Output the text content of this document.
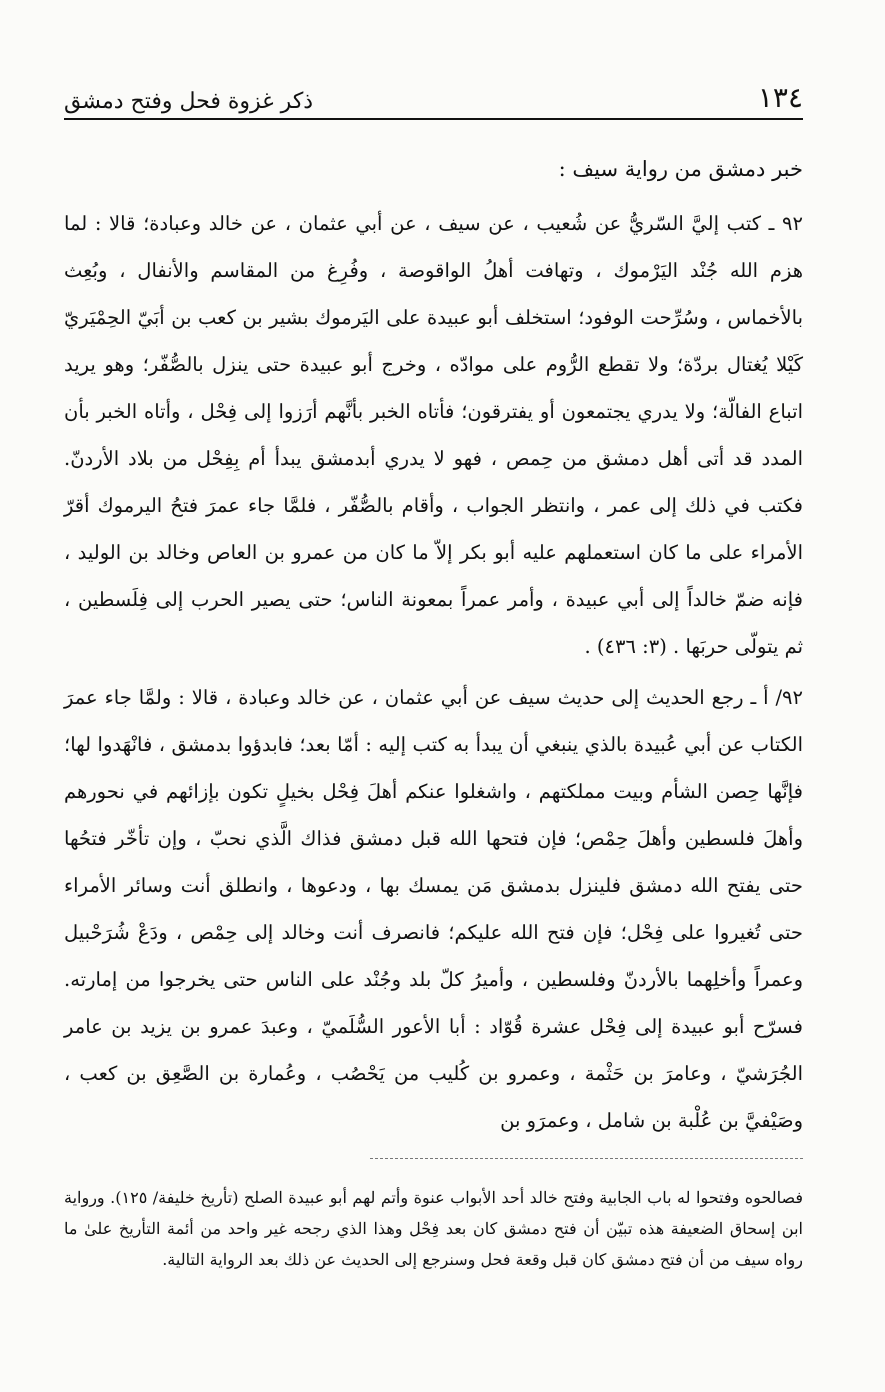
١٣٤
ذكر غزوة فحل وفتح دمشق

خبر دمشق من رواية سيف :

٩٢ ـ كتب إليَّ السّريُّ عن شُعيب ، عن سيف ، عن أبي عثمان ، عن خالد وعبادة؛ قالا : لما هزم الله جُنْد اليَرْموك ، وتهافت أهلُ الواقوصة ، وفُرِغ من المقاسم والأنفال ، وبُعِث بالأخماس ، وسُرِّحت الوفود؛ استخلف أبو عبيدة على اليَرموك بشير بن كعب بن أبَيّ الحِمْيَريّ كَيْلا يُغتال بردّة؛ ولا تقطع الرُّوم على موادّه ، وخرج أبو عبيدة حتى ينزل بالصُّفّر؛ وهو يريد اتباع الفالّة؛ ولا يدري يجتمعون أو يفترقون؛ فأتاه الخبر بأنَّهم أرَزوا إلى فِحْل ، وأتاه الخبر بأن المدد قد أتى أهل دمشق من حِمص ، فهو لا يدري أبدمشق يبدأ أم بِفِحْل من بلاد الأردنّ. فكتب في ذلك إلى عمر ، وانتظر الجواب ، وأقام بالصُّفّر ، فلمَّا جاء عمرَ فتحُ اليرموك أقرّ الأمراء على ما كان استعملهم عليه أبو بكر إلاّ ما كان من عمرو بن العاص وخالد بن الوليد ، فإنه ضمّ خالداً إلى أبي عبيدة ، وأمر عمراً بمعونة الناس؛ حتى يصير الحرب إلى فِلَسطين ، ثم يتولّى حربَها . (٣: ٤٣٦) .

٩٢/ أ ـ رجع الحديث إلى حديث سيف عن أبي عثمان ، عن خالد وعبادة ، قالا : ولمَّا جاء عمرَ الكتاب عن أبي عُبيدة بالذي ينبغي أن يبدأ به كتب إليه : أمّا بعد؛ فابدؤوا بدمشق ، فانْهَدوا لها؛ فإنَّها حِصن الشأم وبيت مملكتهم ، واشغلوا عنكم أهلَ فِحْل بخيلٍ تكون بإزائهم في نحورهم وأهلَ فلسطين وأهلَ حِمْص؛ فإن فتحها الله قبل دمشق فذاك الَّذي نحبّ ، وإن تأخّر فتحُها حتى يفتح الله دمشق فلينزل بدمشق مَن يمسك بها ، ودعوها ، وانطلق أنت وسائر الأمراء حتى تُغيروا على فِحْل؛ فإن فتح الله عليكم؛ فانصرف أنت وخالد إلى حِمْص ، ودَعْ شُرَحْبيل وعمراً وأخلِهما بالأردنّ وفلسطين ، وأميرُ كلّ بلد وجُنْد على الناس حتى يخرجوا من إمارته. فسرّح أبو عبيدة إلى فِحْل عشرة قُوّاد : أبا الأعور السُّلَميّ ، وعبدَ عمرو بن يزيد بن عامر الجُرَشيّ ، وعامرَ بن حَثْمة ، وعمرو بن كُليب من يَحْصُب ، وعُمارة بن الصَّعِق بن كعب ، وصَيْفيَّ بن عُلْبة بن شامل ، وعمرَو بن

فصالحوه وفتحوا له باب الجابية وفتح خالد أحد الأبواب عنوة وأتم لهم أبو عبيدة الصلح (تأريخ خليفة/ ١٢٥). ورواية ابن إسحاق الضعيفة هذه تبيّن أن فتح دمشق كان بعد فِحْل وهذا الذي رجحه غير واحد من أئمة التأريخ علىٰ ما رواه سيف من أن فتح دمشق كان قبل وقعة فحل وسنرجع إلى الحديث عن ذلك بعد الرواية التالية.
